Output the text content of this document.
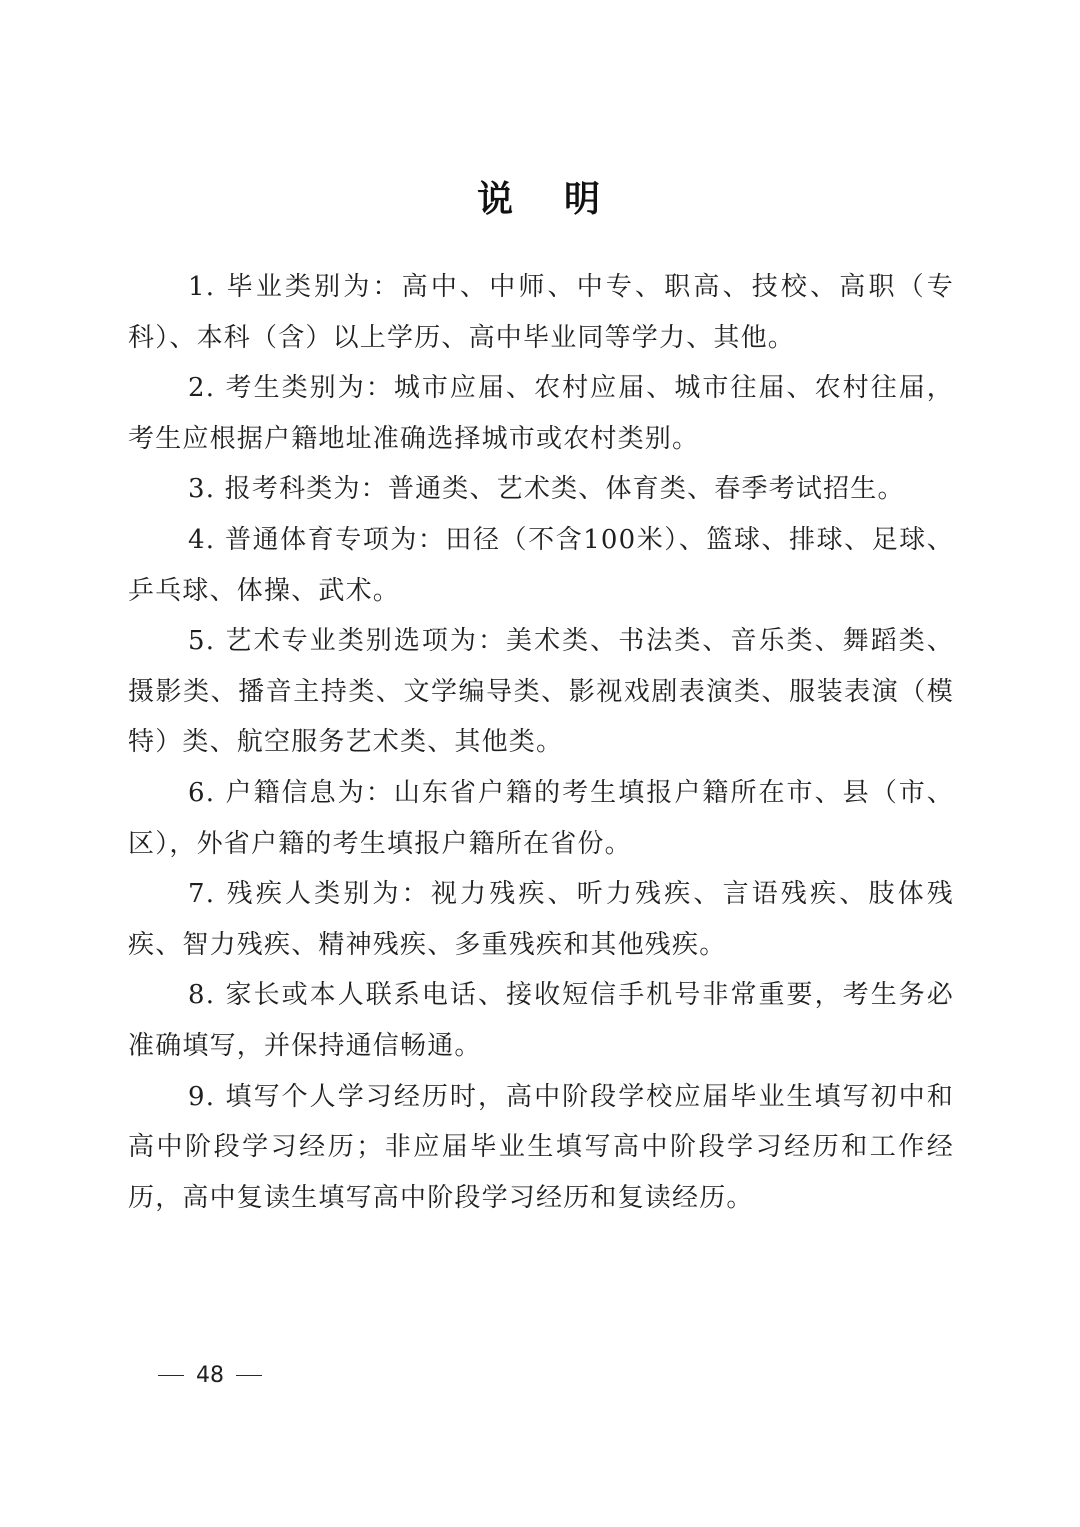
说 明

1. 毕业类别为：高中、中师、中专、职高、技校、高职（专科）、本科（含）以上学历、高中毕业同等学力、其他。

2. 考生类别为：城市应届、农村应届、城市往届、农村往届，考生应根据户籍地址准确选择城市或农村类别。

3. 报考科类为：普通类、艺术类、体育类、春季考试招生。

4. 普通体育专项为：田径（不含100米）、篮球、排球、足球、乒乓球、体操、武术。

5. 艺术专业类别选项为：美术类、书法类、音乐类、舞蹈类、摄影类、播音主持类、文学编导类、影视戏剧表演类、服装表演（模特）类、航空服务艺术类、其他类。

6. 户籍信息为：山东省户籍的考生填报户籍所在市、县（市、区），外省户籍的考生填报户籍所在省份。

7. 残疾人类别为：视力残疾、听力残疾、言语残疾、肢体残疾、智力残疾、精神残疾、多重残疾和其他残疾。

8. 家长或本人联系电话、接收短信手机号非常重要，考生务必准确填写，并保持通信畅通。

9. 填写个人学习经历时，高中阶段学校应届毕业生填写初中和高中阶段学习经历；非应届毕业生填写高中阶段学习经历和工作经历，高中复读生填写高中阶段学习经历和复读经历。

48
